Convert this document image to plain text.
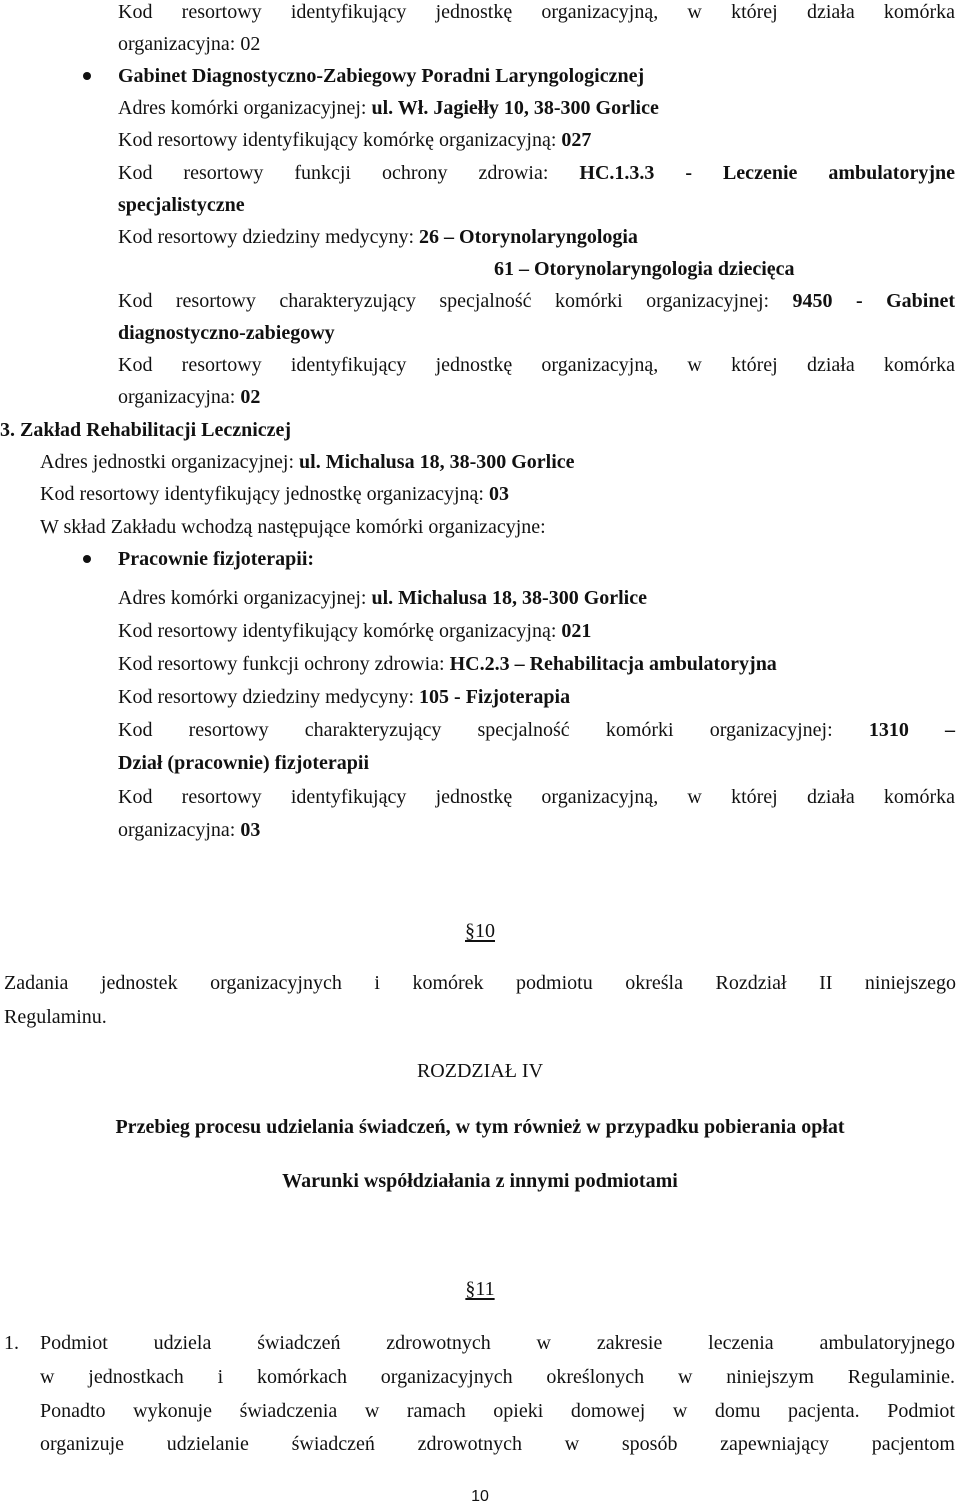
Kod resortowy identyfikujący jednostkę organizacyjną, w której działa komórka
organizacyjna: 02
Gabinet Diagnostyczno-Zabiegowy Poradni Laryngologicznej
Adres komórki organizacyjnej: ul. Wł. Jagiełły 10, 38-300 Gorlice
Kod resortowy identyfikujący komórkę organizacyjną: 027
Kod resortowy funkcji ochrony zdrowia: HC.1.3.3 - Leczenie ambulatoryjne
specjalistyczne
Kod resortowy dziedziny medycyny: 26 – Otorynolaryngologia
61 – Otorynolaryngologia dziecięca
Kod resortowy charakteryzujący specjalność komórki organizacyjnej: 9450 - Gabinet
diagnostyczno-zabiegowy
Kod resortowy identyfikujący jednostkę organizacyjną, w której działa komórka
organizacyjna: 02
3. Zakład Rehabilitacji Leczniczej
Adres jednostki organizacyjnej: ul. Michalusa 18, 38-300 Gorlice
Kod resortowy identyfikujący jednostkę organizacyjną: 03
W skład Zakładu wchodzą następujące komórki organizacyjne:
Pracownie fizjoterapii:
Adres komórki organizacyjnej: ul. Michalusa 18, 38-300 Gorlice
Kod resortowy identyfikujący komórkę organizacyjną: 021
Kod resortowy funkcji ochrony zdrowia: HC.2.3 – Rehabilitacja ambulatoryjna
Kod resortowy dziedziny medycyny: 105 - Fizjoterapia
Kod resortowy charakteryzujący specjalność komórki organizacyjnej: 1310 –
Dział (pracownie) fizjoterapii
Kod resortowy identyfikujący jednostkę organizacyjną, w której działa komórka
organizacyjna: 03
§10
Zadania jednostek organizacyjnych i komórek podmiotu określa Rozdział II niniejszego
Regulaminu.
ROZDZIAŁ IV
Przebieg procesu udzielania świadczeń, w tym również w przypadku pobierania opłat
Warunki współdziałania z innymi podmiotami
§11
1. Podmiot udziela świadczeń zdrowotnych w zakresie leczenia ambulatoryjnego
w jednostkach i komórkach organizacyjnych określonych w niniejszym Regulaminie.
Ponadto wykonuje świadczenia w ramach opieki domowej w domu pacjenta. Podmiot
organizuje udzielanie świadczeń zdrowotnych w sposób zapewniający pacjentom
10
